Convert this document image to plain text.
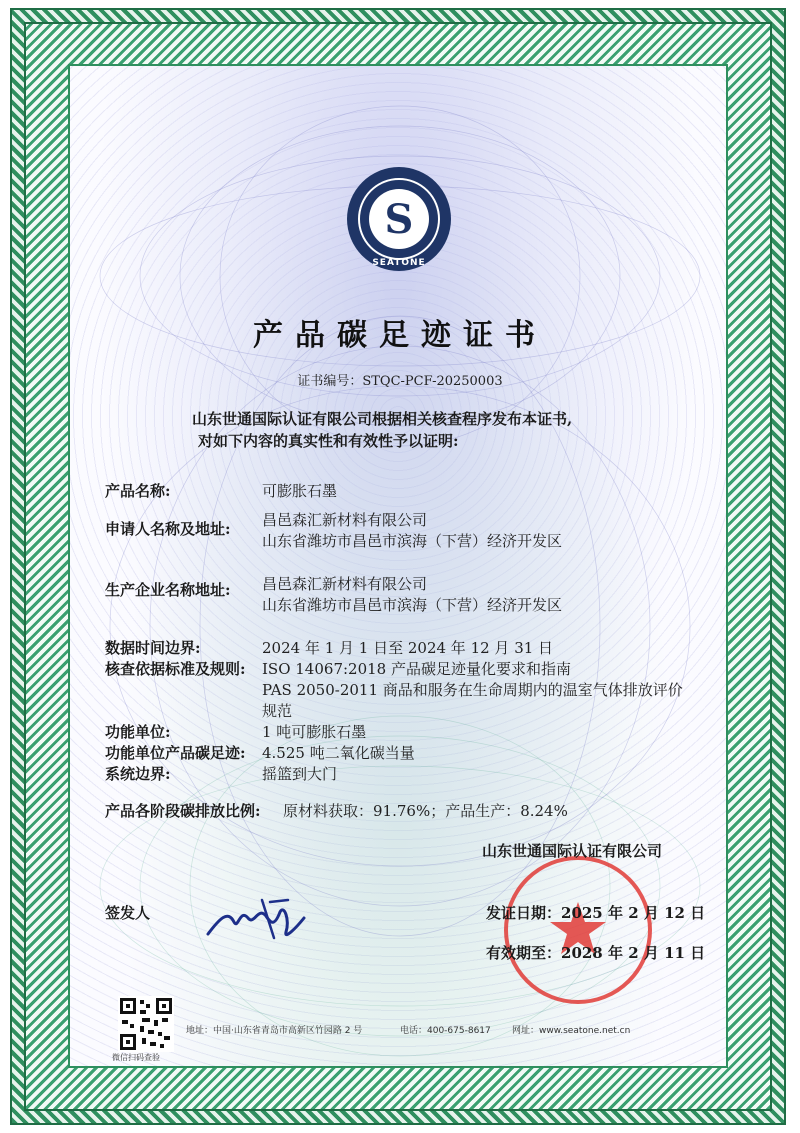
S
SEATONE
产品碳足迹证书
证书编号：STQC-PCF-20250003
山东世通国际认证有限公司根据相关核查程序发布本证书,
对如下内容的真实性和有效性予以证明:
产品名称:	可膨胀石墨
申请人名称及地址: 昌邑森汇新材料有限公司
山东省潍坊市昌邑市滨海（下营）经济开发区
生产企业名称地址: 昌邑森汇新材料有限公司
山东省潍坊市昌邑市滨海（下营）经济开发区
数据时间边界:	2024 年 1 月 1 日至 2024 年 12 月 31 日
核查依据标准及规则: ISO 14067:2018 产品碳足迹量化要求和指南
PAS 2050-2011 商品和服务在生命周期内的温室气体排放评价
规范
功能单位:	1 吨可膨胀石墨
功能单位产品碳足迹: 4.525 吨二氧化碳当量
系统边界:	摇篮到大门
产品各阶段碳排放比例: 原材料获取：91.76%；产品生产：8.24%
山东世通国际认证有限公司
签发人	发证日期：2025 年 2 月 12 日
有效期至：2028 年 2 月 11 日
微信扫码查验
地址：中国·山东省青岛市高新区竹园路 2 号	电话：400-675-8617 网址：www.seatone.net.cn
